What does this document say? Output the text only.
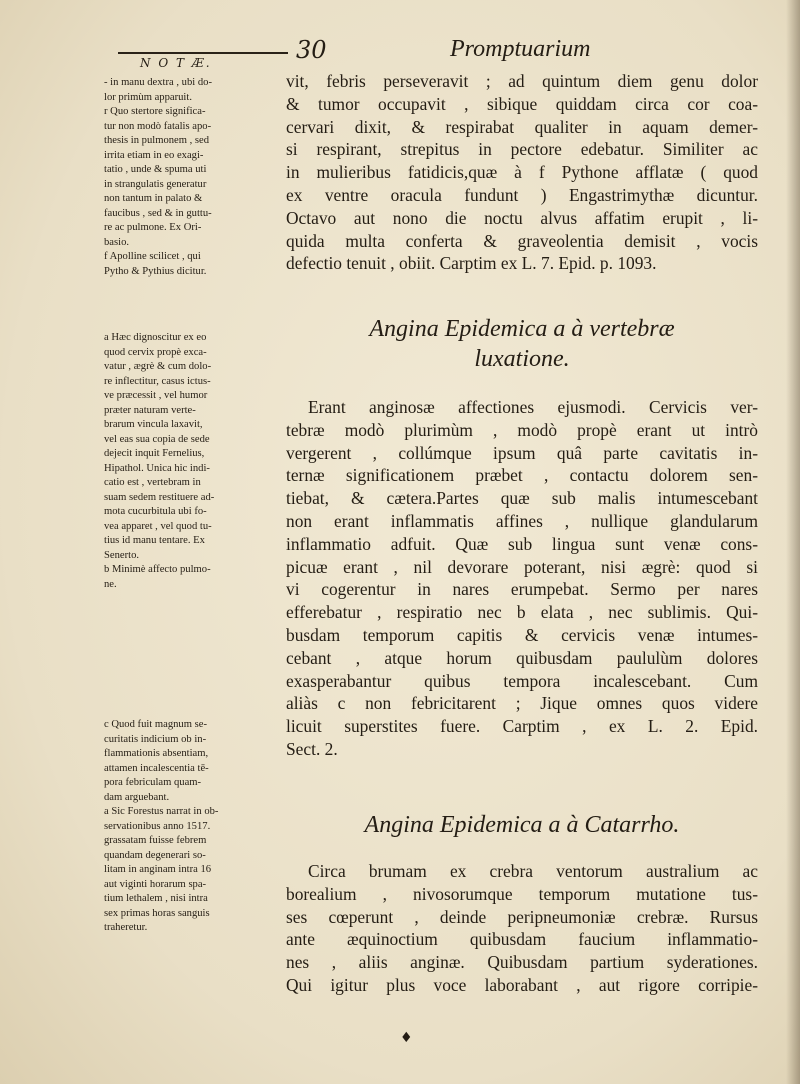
N O T Æ.	30	Promptuarium

- in manu dextra , ubi do-
lor primùm apparuit.
r Quo stertore significa-
tur non modò fatalis apo-
thesis in pulmonem , sed
irrita etiam in eo exagi-
tatio , unde & spuma uti
in strangulatis generatur
non tantum in palato &
faucibus , sed & in guttu-
re ac pulmone. Ex Ori-
basio.
f Apolline scilicet , qui
Pytho & Pythius dicitur.

a Hæc dignoscitur ex eo
quod cervix propè exca-
vatur , ægrè & cum dolo-
re inflectitur, casus ictus-
ve præcessit , vel humor
præter naturam verte-
brarum vincula laxavit,
vel eas sua copia de sede
dejecit inquit Fernelius,
Hipathol. Unica hic indi-
catio est , vertebram in
suam sedem restituere ad-
mota cucurbitula ubi fo-
vea apparet , vel quod tu-
tius id manu tentare. Ex
Senerto.
b Minimè affecto pulmo-
ne.

c Quod fuit magnum se-
curitatis indicium ob in-
flammationis absentiam,
attamen incalescentia tē-
pora febriculam quam-
dam arguebant.
a Sic Forestus narrat in ob-
servationibus anno 1517.
grassatam fuisse febrem
quandam degenerari so-
litam in anginam intra 16
aut viginti horarum spa-
tium lethalem , nisi intra
sex primas horas sanguis
traheretur.

vit, febris perseveravit ; ad quintum diem genu dolor
& tumor occupavit , sibique quiddam circa cor coa-
cervari dixit, & respirabat qualiter in aquam demer-
si respirant, strepitus in pectore edebatur. Similiter ac
in mulieribus fatidicis,quæ à f Pythone afflatæ ( quod
ex ventre oracula fundunt ) Engastrimythæ dicuntur.
Octavo aut nono die noctu alvus affatim erupit , li-
quida multa conferta & graveolentia demisit , vocis
defectio tenuit , obiit. Carptim ex L. 7. Epid. p. 1093.
Angina Epidemica a à vertebræ
luxatione.
Erant anginosæ affectiones ejusmodi. Cervicis ver-
tebræ modò plurimùm , modò propè erant ut intrò
vergerent , collúmque ipsum quâ parte cavitatis in-
ternæ significationem præbet , contactu dolorem sen-
tiebat, & cætera.Partes quæ sub malis intumescebant
non erant inflammatis affines , nullique glandularum
inflammatio adfuit. Quæ sub lingua sunt venæ cons-
picuæ erant , nil devorare poterant, nisi ægrè: quod si
vi cogerentur in nares erumpebat. Sermo per nares
efferebatur , respiratio nec b elata , nec sublimis. Qui-
busdam temporum capitis & cervicis venæ intumes-
cebant , atque horum quibusdam paululùm dolores
exasperabantur quibus tempora incalescebant. Cum
aliàs c non febricitarent ; Jique omnes quos videre
licuit superstites fuere. Carptim , ex L. 2. Epid.
Sect. 2.
Angina Epidemica a à Catarrho.
Circa brumam ex crebra ventorum australium ac
borealium , nivosorumque temporum mutatione tus-
ses cœperunt , deinde peripneumoniæ crebræ. Rursus
ante æquinoctium quibusdam faucium inflammatio-
nes , aliis anginæ. Quibusdam partium syderationes.
Qui igitur plus voce laborabant , aut rigore corripie-
♦
